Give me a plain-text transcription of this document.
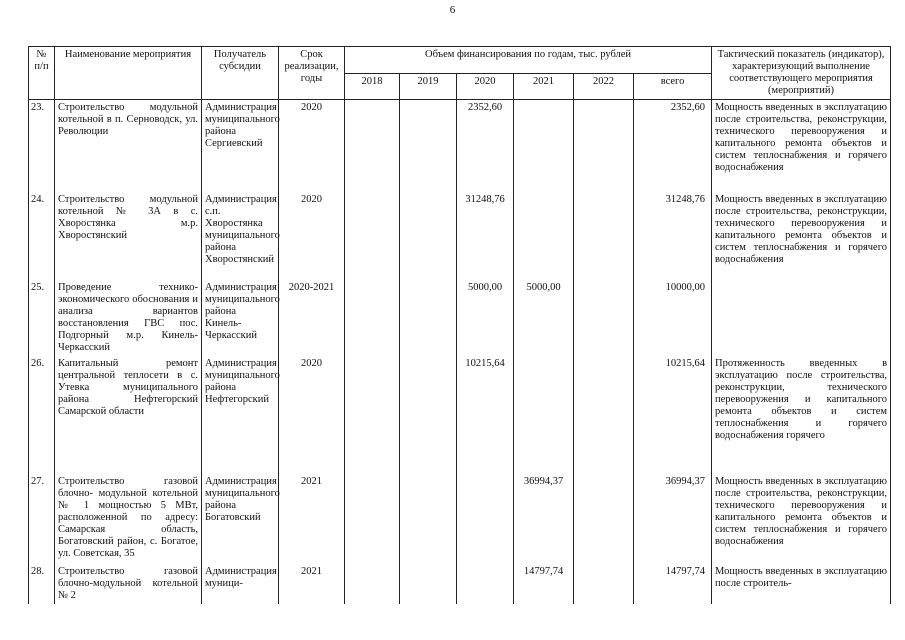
6
№ п/п	Наименование мероприятия	Получатель субсидии	Срок реализации, годы	Объем финансирования по годам, тыс. рублей						Тактический показатель (индикатор), характеризующий выполнение соответствующего мероприятия (мероприятий)
				2018	2019	2020	2021	2022	всего	
23.	Строительство модульной котельной в п. Серноводск, ул. Революции	Администрация муниципального района Сергиевский	2020			2352,60			2352,60	Мощность введенных в эксплуатацию после строительства, реконструкции, технического перевооружения и капитального ремонта объектов и систем теплоснабжения и горячего водоснабжения
24.	Строительство модульной котельной № 3А в с. Хворостянка м.р. Хворостянский	Администрация с.п. Хворостянка муниципального района Хворостянский	2020			31248,76			31248,76	Мощность введенных в эксплуатацию после строительства, реконструкции, технического перевооружения и капитального ремонта объектов и систем теплоснабжения и горячего водоснабжения
25.	Проведение технико-экономического обоснования и анализа вариантов восстановления ГВС пос. Подгорный м.р. Кинель-Черкасский	Администрация муниципального района Кинель-Черкасский	2020-2021			5000,00	5000,00		10000,00	
26.	Капитальный ремонт центральной теплосети в с. Утевка муниципального района Нефтегорский Самарской области	Администрация муниципального района Нефтегорский	2020			10215,64			10215,64	Протяженность введенных в эксплуатацию после строительства, реконструкции, технического перевооружения и капитального ремонта объектов и систем теплоснабжения и горячего водоснабжения горячего
27.	Строительство газовой блочно- модульной котельной № 1 мощностью 5 МВт, расположенной по адресу: Самарская область, Богатовский район, с. Богатое, ул. Советская, 35	Администрация муниципального района Богатовский	2021				36994,37		36994,37	Мощность введенных в эксплуатацию после строительства, реконструкции, технического перевооружения и капитального ремонта объектов и систем теплоснабжения и горячего водоснабжения
28.	Строительство газовой блочно-модульной котельной № 2	Администрация муници-	2021				14797,74		14797,74	Мощность введенных в эксплуатацию после строитель-
